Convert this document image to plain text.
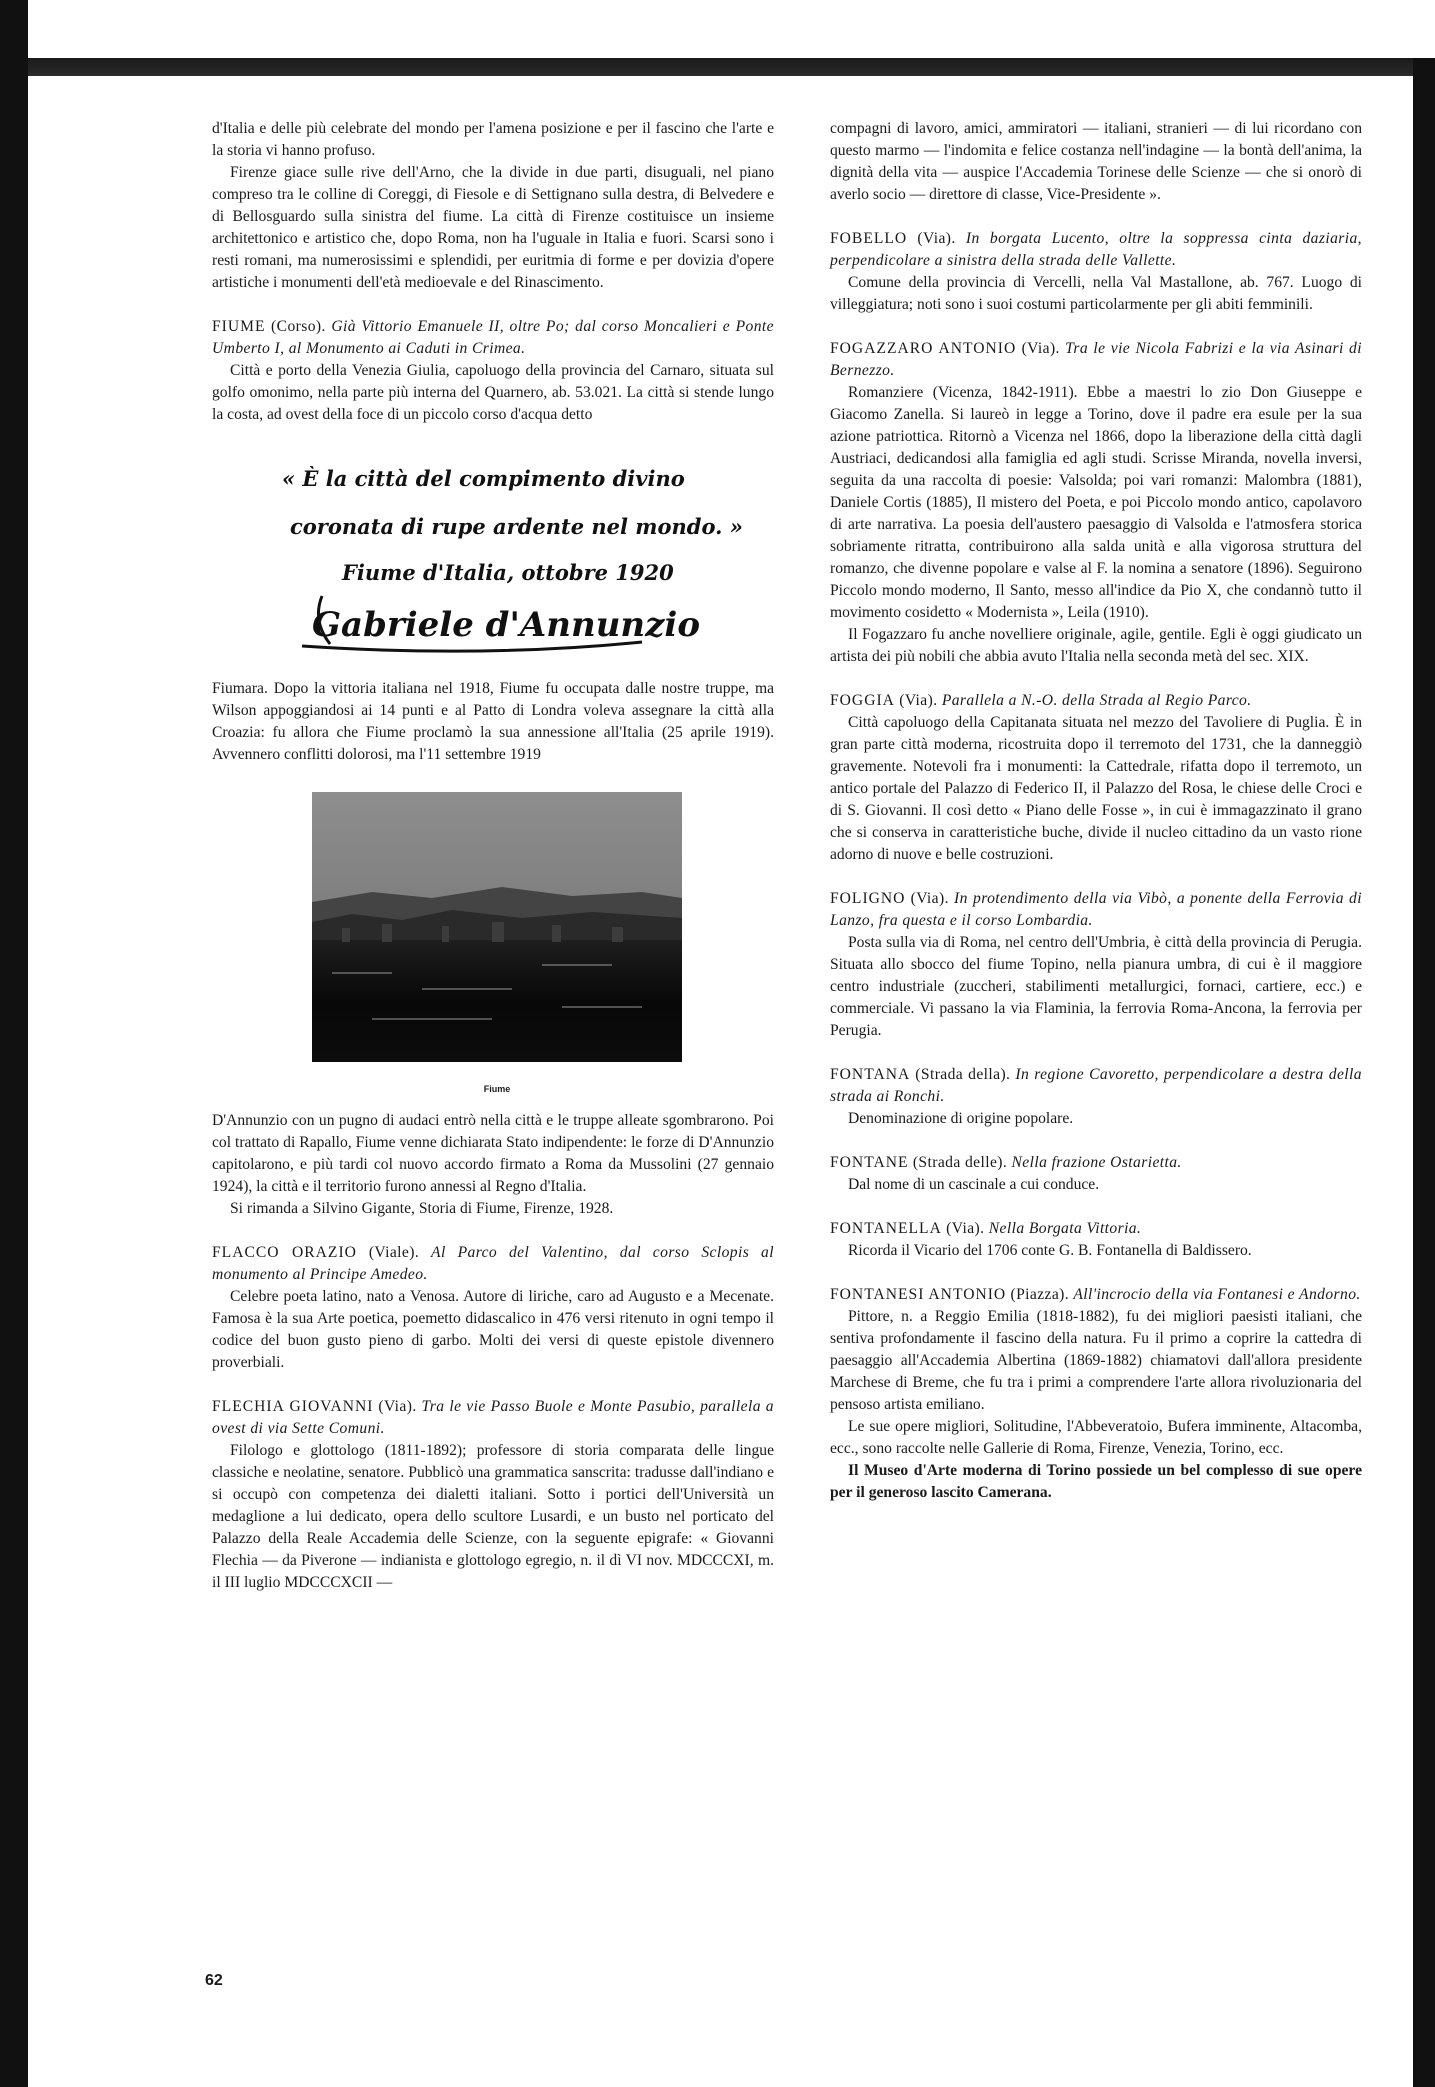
d'Italia e delle più celebrate del mondo per l'amena posizione e per il fascino che l'arte e la storia vi hanno profuso.

Firenze giace sulle rive dell'Arno, che la divide in due parti, disuguali, nel piano compreso tra le colline di Coreggi, di Fiesole e di Settignano sulla destra, di Belvedere e di Bellosguardo sulla sinistra del fiume. La città di Firenze costituisce un insieme architettonico e artistico che, dopo Roma, non ha l'uguale in Italia e fuori. Scarsi sono i resti romani, ma numerosissimi e splendidi, per euritmia di forme e per dovizia d'opere artistiche i monumenti dell'età medioevale e del Rinascimento.

FIUME (Corso). Già Vittorio Emanuele II, oltre Po; dal corso Moncalieri e Ponte Umberto I, al Monumento ai Caduti in Crimea.

Città e porto della Venezia Giulia, capoluogo della provincia del Carnaro, situata sul golfo omonimo, nella parte più interna del Quarnero, ab. 53.021. La città si stende lungo la costa, ad ovest della foce di un piccolo corso d'acqua detto

« È la città del compimento divino
coronata di rupe ardente nel mondo. »
Fiume d'Italia, ottobre 1920
Gabriele d'Annunzio

Fiumara. Dopo la vittoria italiana nel 1918, Fiume fu occupata dalle nostre truppe, ma Wilson appoggiandosi ai 14 punti e al Patto di Londra voleva assegnare la città alla Croazia: fu allora che Fiume proclamò la sua annessione all'Italia (25 aprile 1919). Avvennero conflitti dolorosi, ma l'11 settembre 1919

Fiume

D'Annunzio con un pugno di audaci entrò nella città e le truppe alleate sgombrarono. Poi col trattato di Rapallo, Fiume venne dichiarata Stato indipendente: le forze di D'Annunzio capitolarono, e più tardi col nuovo accordo firmato a Roma da Mussolini (27 gennaio 1924), la città e il territorio furono annessi al Regno d'Italia.

Si rimanda a Silvino Gigante, Storia di Fiume, Firenze, 1928.

FLACCO ORAZIO (Viale). Al Parco del Valentino, dal corso Sclopis al monumento al Principe Amedeo.

Celebre poeta latino, nato a Venosa. Autore di liriche, caro ad Augusto e a Mecenate. Famosa è la sua Arte poetica, poemetto didascalico in 476 versi ritenuto in ogni tempo il codice del buon gusto pieno di garbo. Molti dei versi di queste epistole divennero proverbiali.

FLECHIA GIOVANNI (Via). Tra le vie Passo Buole e Monte Pasubio, parallela a ovest di via Sette Comuni.

Filologo e glottologo (1811-1892); professore di storia comparata delle lingue classiche e neolatine, senatore. Pubblicò una grammatica sanscrita: tradusse dall'indiano e si occupò con competenza dei dialetti italiani. Sotto i portici dell'Università un medaglione a lui dedicato, opera dello scultore Lusardi, e un busto nel porticato del Palazzo della Reale Accademia delle Scienze, con la seguente epigrafe: « Giovanni Flechia — da Piverone — indianista e glottologo egregio, n. il dì VI nov. MDCCCXI, m. il III luglio MDCCCXCII —

compagni di lavoro, amici, ammiratori — italiani, stranieri — di lui ricordano con questo marmo — l'indomita e felice costanza nell'indagine — la bontà dell'anima, la dignità della vita — auspice l'Accademia Torinese delle Scienze — che si onorò di averlo socio — direttore di classe, Vice-Presidente ».

FOBELLO (Via). In borgata Lucento, oltre la soppressa cinta daziaria, perpendicolare a sinistra della strada delle Vallette.

Comune della provincia di Vercelli, nella Val Mastallone, ab. 767. Luogo di villeggiatura; noti sono i suoi costumi particolarmente per gli abiti femminili.

FOGAZZARO ANTONIO (Via). Tra le vie Nicola Fabrizi e la via Asinari di Bernezzo.

Romanziere (Vicenza, 1842-1911). Ebbe a maestri lo zio Don Giuseppe e Giacomo Zanella. Si laureò in legge a Torino, dove il padre era esule per la sua azione patriottica. Ritornò a Vicenza nel 1866, dopo la liberazione della città dagli Austriaci, dedicandosi alla famiglia ed agli studi. Scrisse Miranda, novella inversi, seguita da una raccolta di poesie: Valsolda; poi vari romanzi: Malombra (1881), Daniele Cortis (1885), Il mistero del Poeta, e poi Piccolo mondo antico, capolavoro di arte narrativa. La poesia dell'austero paesaggio di Valsolda e l'atmosfera storica sobriamente ritratta, contribuirono alla salda unità e alla vigorosa struttura del romanzo, che divenne popolare e valse al F. la nomina a senatore (1896). Seguirono Piccolo mondo moderno, Il Santo, messo all'indice da Pio X, che condannò tutto il movimento cosidetto « Modernista », Leila (1910).

Il Fogazzaro fu anche novelliere originale, agile, gentile. Egli è oggi giudicato un artista dei più nobili che abbia avuto l'Italia nella seconda metà del sec. XIX.

FOGGIA (Via). Parallela a N.-O. della Strada al Regio Parco.

Città capoluogo della Capitanata situata nel mezzo del Tavoliere di Puglia. È in gran parte città moderna, ricostruita dopo il terremoto del 1731, che la danneggiò gravemente. Notevoli fra i monumenti: la Cattedrale, rifatta dopo il terremoto, un antico portale del Palazzo di Federico II, il Palazzo del Rosa, le chiese delle Croci e di S. Giovanni. Il così detto « Piano delle Fosse », in cui è immagazzinato il grano che si conserva in caratteristiche buche, divide il nucleo cittadino da un vasto rione adorno di nuove e belle costruzioni.

FOLIGNO (Via). In protendimento della via Vibò, a ponente della Ferrovia di Lanzo, fra questa e il corso Lombardia.

Posta sulla via di Roma, nel centro dell'Umbria, è città della provincia di Perugia. Situata allo sbocco del fiume Topino, nella pianura umbra, di cui è il maggiore centro industriale (zuccheri, stabilimenti metallurgici, fornaci, cartiere, ecc.) e commerciale. Vi passano la via Flaminia, la ferrovia Roma-Ancona, la ferrovia per Perugia.

FONTANA (Strada della). In regione Cavoretto, perpendicolare a destra della strada ai Ronchi.

Denominazione di origine popolare.

FONTANE (Strada delle). Nella frazione Ostarietta.

Dal nome di un cascinale a cui conduce.

FONTANELLA (Via). Nella Borgata Vittoria.

Ricorda il Vicario del 1706 conte G. B. Fontanella di Baldissero.

FONTANESI ANTONIO (Piazza). All'incrocio della via Fontanesi e Andorno.

Pittore, n. a Reggio Emilia (1818-1882), fu dei migliori paesisti italiani, che sentiva profondamente il fascino della natura. Fu il primo a coprire la cattedra di paesaggio all'Accademia Albertina (1869-1882) chiamatovi dall'allora presidente Marchese di Breme, che fu tra i primi a comprendere l'arte allora rivoluzionaria del pensoso artista emiliano.

Le sue opere migliori, Solitudine, l'Abbeveratoio, Bufera imminente, Altacomba, ecc., sono raccolte nelle Gallerie di Roma, Firenze, Venezia, Torino, ecc.

Il Museo d'Arte moderna di Torino possiede un bel complesso di sue opere per il generoso lascito Camerana.

62
